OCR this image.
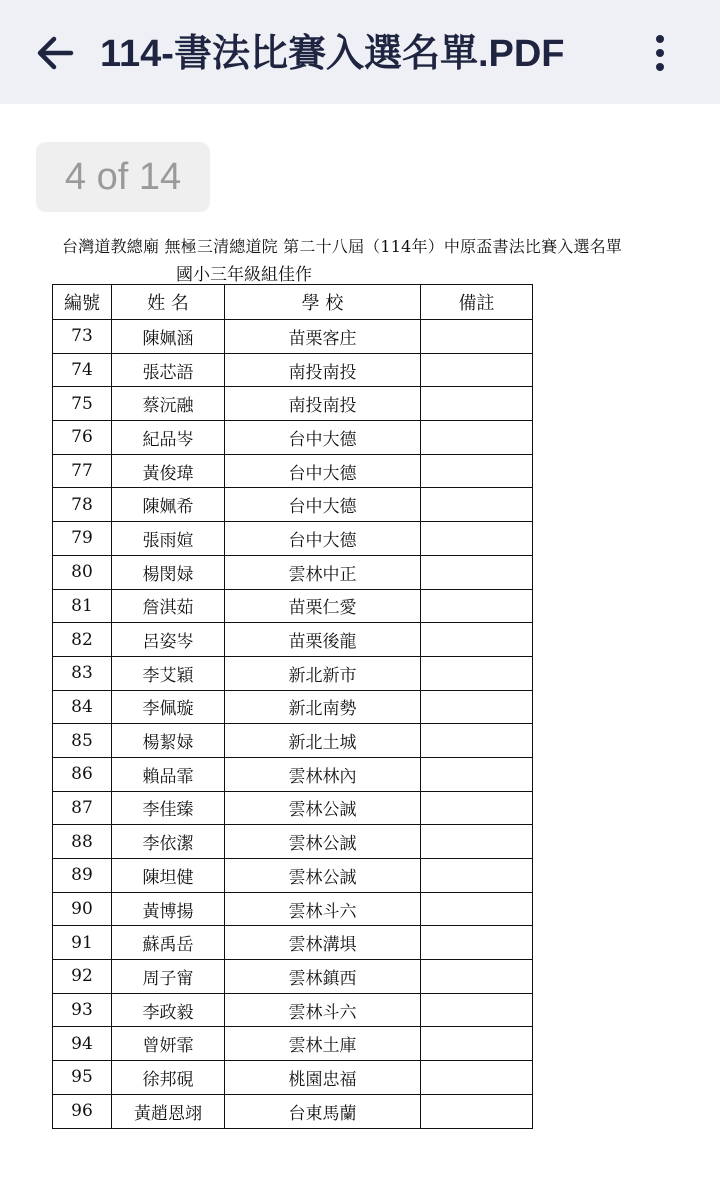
114-書法比賽入選名單.PDF
4 of 14
台灣道教總廟 無極三清總道院 第二十八屆（114年）中原盃書法比賽入選名單
國小三年級組佳作
編號	姓 名	學 校	備註
73	陳姵涵	苗栗客庄	
74	張芯語	南投南投	
75	蔡沅融	南投南投	
76	紀品岑	台中大德	
77	黃俊瑋	台中大德	
78	陳姵希	台中大德	
79	張雨媗	台中大德	
80	楊閔娽	雲林中正	
81	詹淇茹	苗栗仁愛	
82	呂姿岑	苗栗後龍	
83	李艾穎	新北新市	
84	李佩璇	新北南勢	
85	楊絜娽	新北土城	
86	賴品霏	雲林林內	
87	李佳臻	雲林公誠	
88	李依潔	雲林公誠	
89	陳坦健	雲林公誠	
90	黃博揚	雲林斗六	
91	蘇禹岳	雲林溝埧	
92	周子甯	雲林鎮西	
93	李政毅	雲林斗六	
94	曾妍霏	雲林土庫	
95	徐邦硯	桃園忠福	
96	黃趙恩翊	台東馬蘭	
